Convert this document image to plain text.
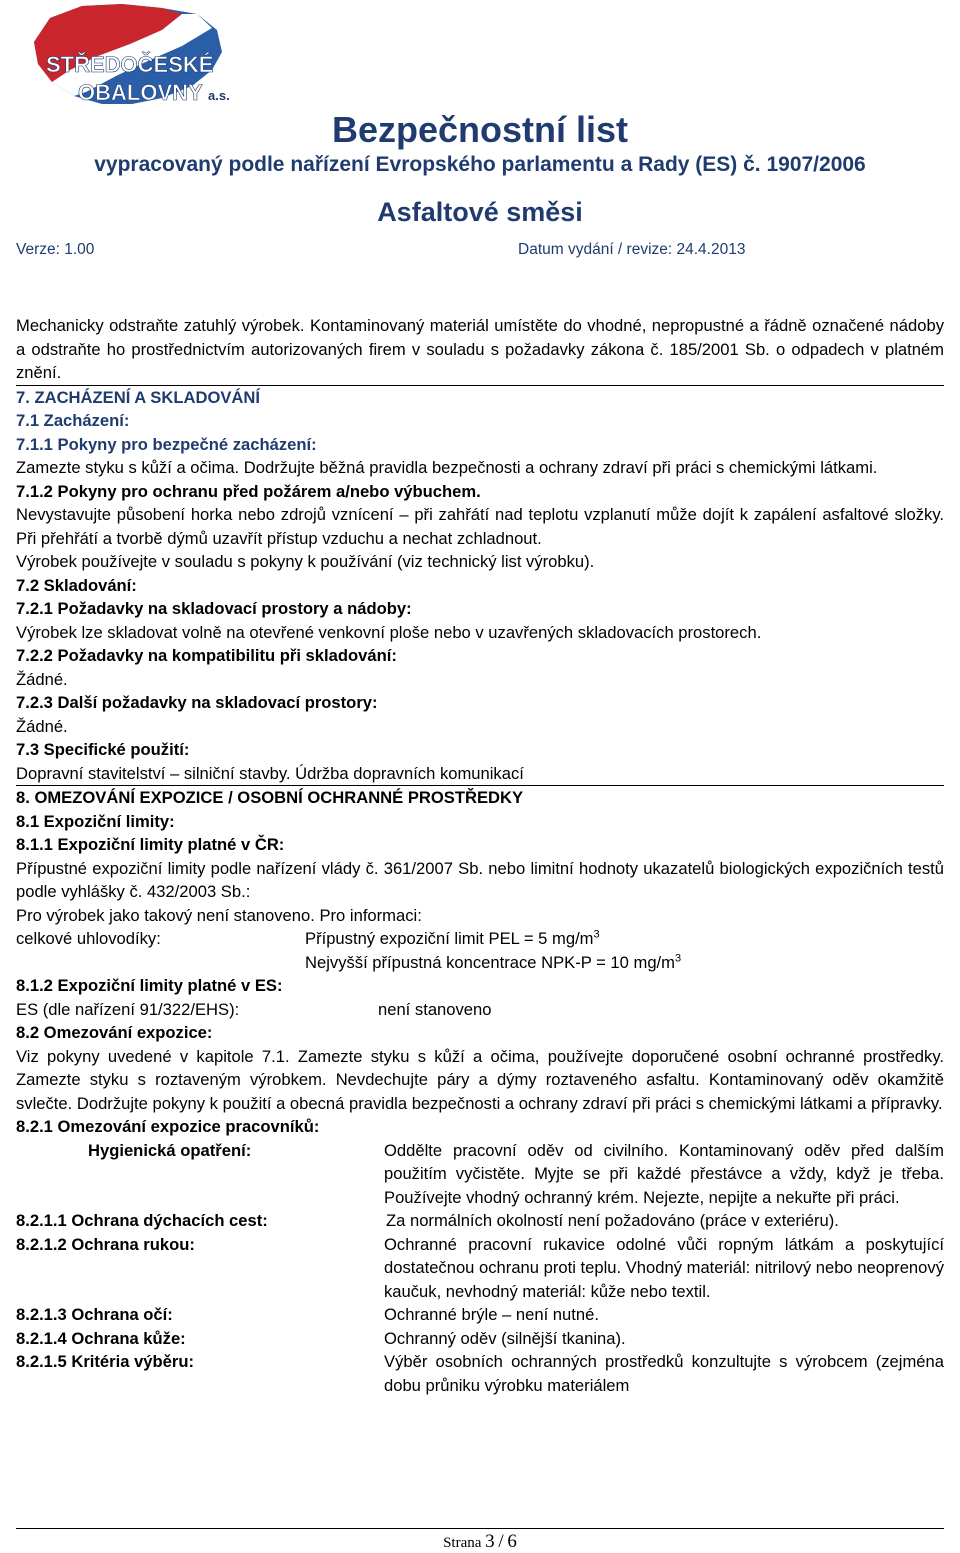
STŘEDOČESKÉ
OBALOVNY a.s.
Bezpečnostní list
vypracovaný podle nařízení Evropského parlamentu a Rady (ES) č. 1907/2006
Asfaltové směsi
Verze: 1.00	Datum vydání / revize: 24.4.2013

Mechanicky odstraňte zatuhlý výrobek. Kontaminovaný materiál umístěte do vhodné, nepropustné a řádně označené nádoby a odstraňte ho prostřednictvím autorizovaných firem v souladu s požadavky zákona č. 185/2001 Sb. o odpadech v platném znění.

7. ZACHÁZENÍ A SKLADOVÁNÍ

7.1 Zacházení:

7.1.1 Pokyny pro bezpečné zacházení:

Zamezte styku s kůží a očima. Dodržujte běžná pravidla bezpečnosti a ochrany zdraví při práci s chemickými látkami.

7.1.2 Pokyny pro ochranu před požárem a/nebo výbuchem.

Nevystavujte působení horka nebo zdrojů vznícení – při zahřátí nad teplotu vzplanutí může dojít k zapálení asfaltové složky. Při přehřátí a tvorbě dýmů uzavřít přístup vzduchu a nechat zchladnout.

Výrobek používejte v souladu s pokyny k používání (viz technický list výrobku).

7.2 Skladování:

7.2.1 Požadavky na skladovací prostory a nádoby:

Výrobek lze skladovat volně na otevřené venkovní ploše nebo v uzavřených skladovacích prostorech.

7.2.2 Požadavky na kompatibilitu při skladování:

Žádné.

7.2.3 Další požadavky na skladovací prostory:

Žádné.

7.3 Specifické použití:

Dopravní stavitelství – silniční stavby. Údržba dopravních komunikací

8. OMEZOVÁNÍ EXPOZICE / OSOBNÍ OCHRANNÉ PROSTŘEDKY

8.1 Expoziční limity:

8.1.1 Expoziční limity platné v ČR:

Přípustné expoziční limity podle nařízení vlády č. 361/2007 Sb. nebo limitní hodnoty ukazatelů biologických expozičních testů podle vyhlášky č. 432/2003 Sb.:

Pro výrobek jako takový není stanoveno. Pro informaci:

celkové uhlovodíky:	Přípustný expoziční limit PEL = 5 $mg/m^3$
Nejvyšší přípustná koncentrace NPK-P = 10 $mg/m^3$

8.1.2 Expoziční limity platné v ES:

ES (dle nařízení 91/322/EHS):	není stanoveno

8.2 Omezování expozice:

Viz pokyny uvedené v kapitole 7.1. Zamezte styku s kůží a očima, používejte doporučené osobní ochranné prostředky. Zamezte styku s roztaveným výrobkem. Nevdechujte páry a dýmy roztaveného asfaltu. Kontaminovaný oděv okamžitě svlečte. Dodržujte pokyny k použití a obecná pravidla bezpečnosti a ochrany zdraví při práci s chemickými látkami a přípravky.

8.2.1 Omezování expozice pracovníků:

Hygienická opatření:	Oddělte pracovní oděv od civilního. Kontaminovaný oděv před dalším použitím vyčistěte. Myjte se při každé přestávce a vždy, když je třeba. Používejte vhodný ochranný krém. Nejezte, nepijte a nekuřte při práci.
8.2.1.1 Ochrana dýchacích cest:	Za normálních okolností není požadováno (práce v exteriéru).
8.2.1.2 Ochrana rukou:	Ochranné pracovní rukavice odolné vůči ropným látkám a poskytující dostatečnou ochranu proti teplu. Vhodný materiál: nitrilový nebo neoprenový kaučuk, nevhodný materiál: kůže nebo textil.
8.2.1.3 Ochrana očí:	Ochranné brýle – není nutné.
8.2.1.4 Ochrana kůže:	Ochranný oděv (silnější tkanina).
8.2.1.5 Kritéria výběru:	Výběr osobních ochranných prostředků konzultujte s výrobcem (zejména dobu průniku výrobku materiálem
Strana 3 / 6
